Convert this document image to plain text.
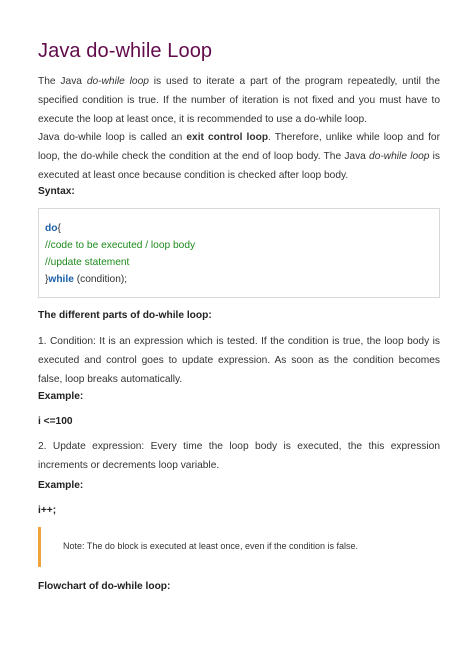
Java do-while Loop

The Java do-while loop is used to iterate a part of the program repeatedly, until the specified condition is true. If the number of iteration is not fixed and you must have to execute the loop at least once, it is recommended to use a do-while loop.

Java do-while loop is called an exit control loop. Therefore, unlike while loop and for loop, the do-while check the condition at the end of loop body. The Java do-while loop is executed at least once because condition is checked after loop body.

Syntax:

do{
//code to be executed / loop body
//update statement
}while (condition);

The different parts of do-while loop:

1. Condition: It is an expression which is tested. If the condition is true, the loop body is executed and control goes to update expression. As soon as the condition becomes false, loop breaks automatically.

Example:

i <=100

2. Update expression: Every time the loop body is executed, the this expression increments or decrements loop variable.

Example:

i++;

Note: The do block is executed at least once, even if the condition is false.

Flowchart of do-while loop:
